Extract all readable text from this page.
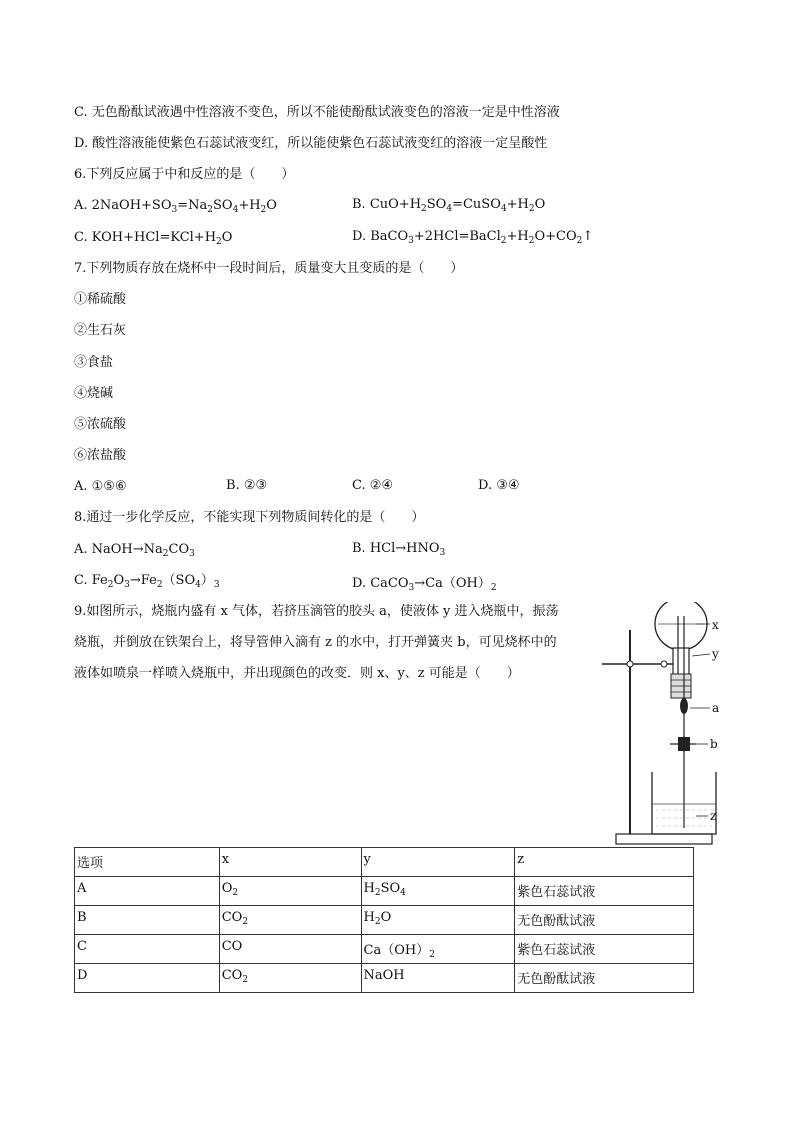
C. 无色酚酞试液遇中性溶液不变色，所以不能使酚酞试液变色的溶液一定是中性溶液
D. 酸性溶液能使紫色石蕊试液变红，所以能使紫色石蕊试液变红的溶液一定呈酸性
6.下列反应属于中和反应的是（　　）
A. $2NaOH+SO_3=Na_2SO_4+H_2O$	B. $CuO+H_2SO_4=CuSO_4+H_2O$
C. $KOH+HCl=KCl+H_2O$	D. $BaCO_3+2HCl=BaCl_2+H_2O+CO_2↑$
7.下列物质存放在烧杯中一段时间后，质量变大且变质的是（　　）
①稀硫酸
②生石灰
③食盐
④烧碱
⑤浓硫酸
⑥浓盐酸
A. ①⑤⑥	B. ②③	C. ②④	D. ③④
8.通过一步化学反应，不能实现下列物质间转化的是（　　）
A. $NaOH\to Na_2CO_3$	B. $HCl\to HNO_3$
C. $Fe_2O_3\to Fe_2(SO_4)_3$	D. $CaCO_3\to Ca(OH)_2$
9.如图所示，烧瓶内盛有 x 气体，若挤压滴管的胶头 a，使液体 y 进入烧瓶中，振荡
烧瓶，并倒放在铁架台上，将导管伸入滴有 z 的水中，打开弹簧夹 b，可见烧杯中的
液体如喷泉一样喷入烧瓶中，并出现颜色的改变．则 x、y、z 可能是（　　）
x
y
a
b
z
选项	x	y	z
A	$O_2$	$H_2SO_4$	紫色石蕊试液
B	$CO_2$	$H_2O$	无色酚酞试液
C	CO	$Ca(OH)_2$	紫色石蕊试液
D	$CO_2$	NaOH	无色酚酞试液
